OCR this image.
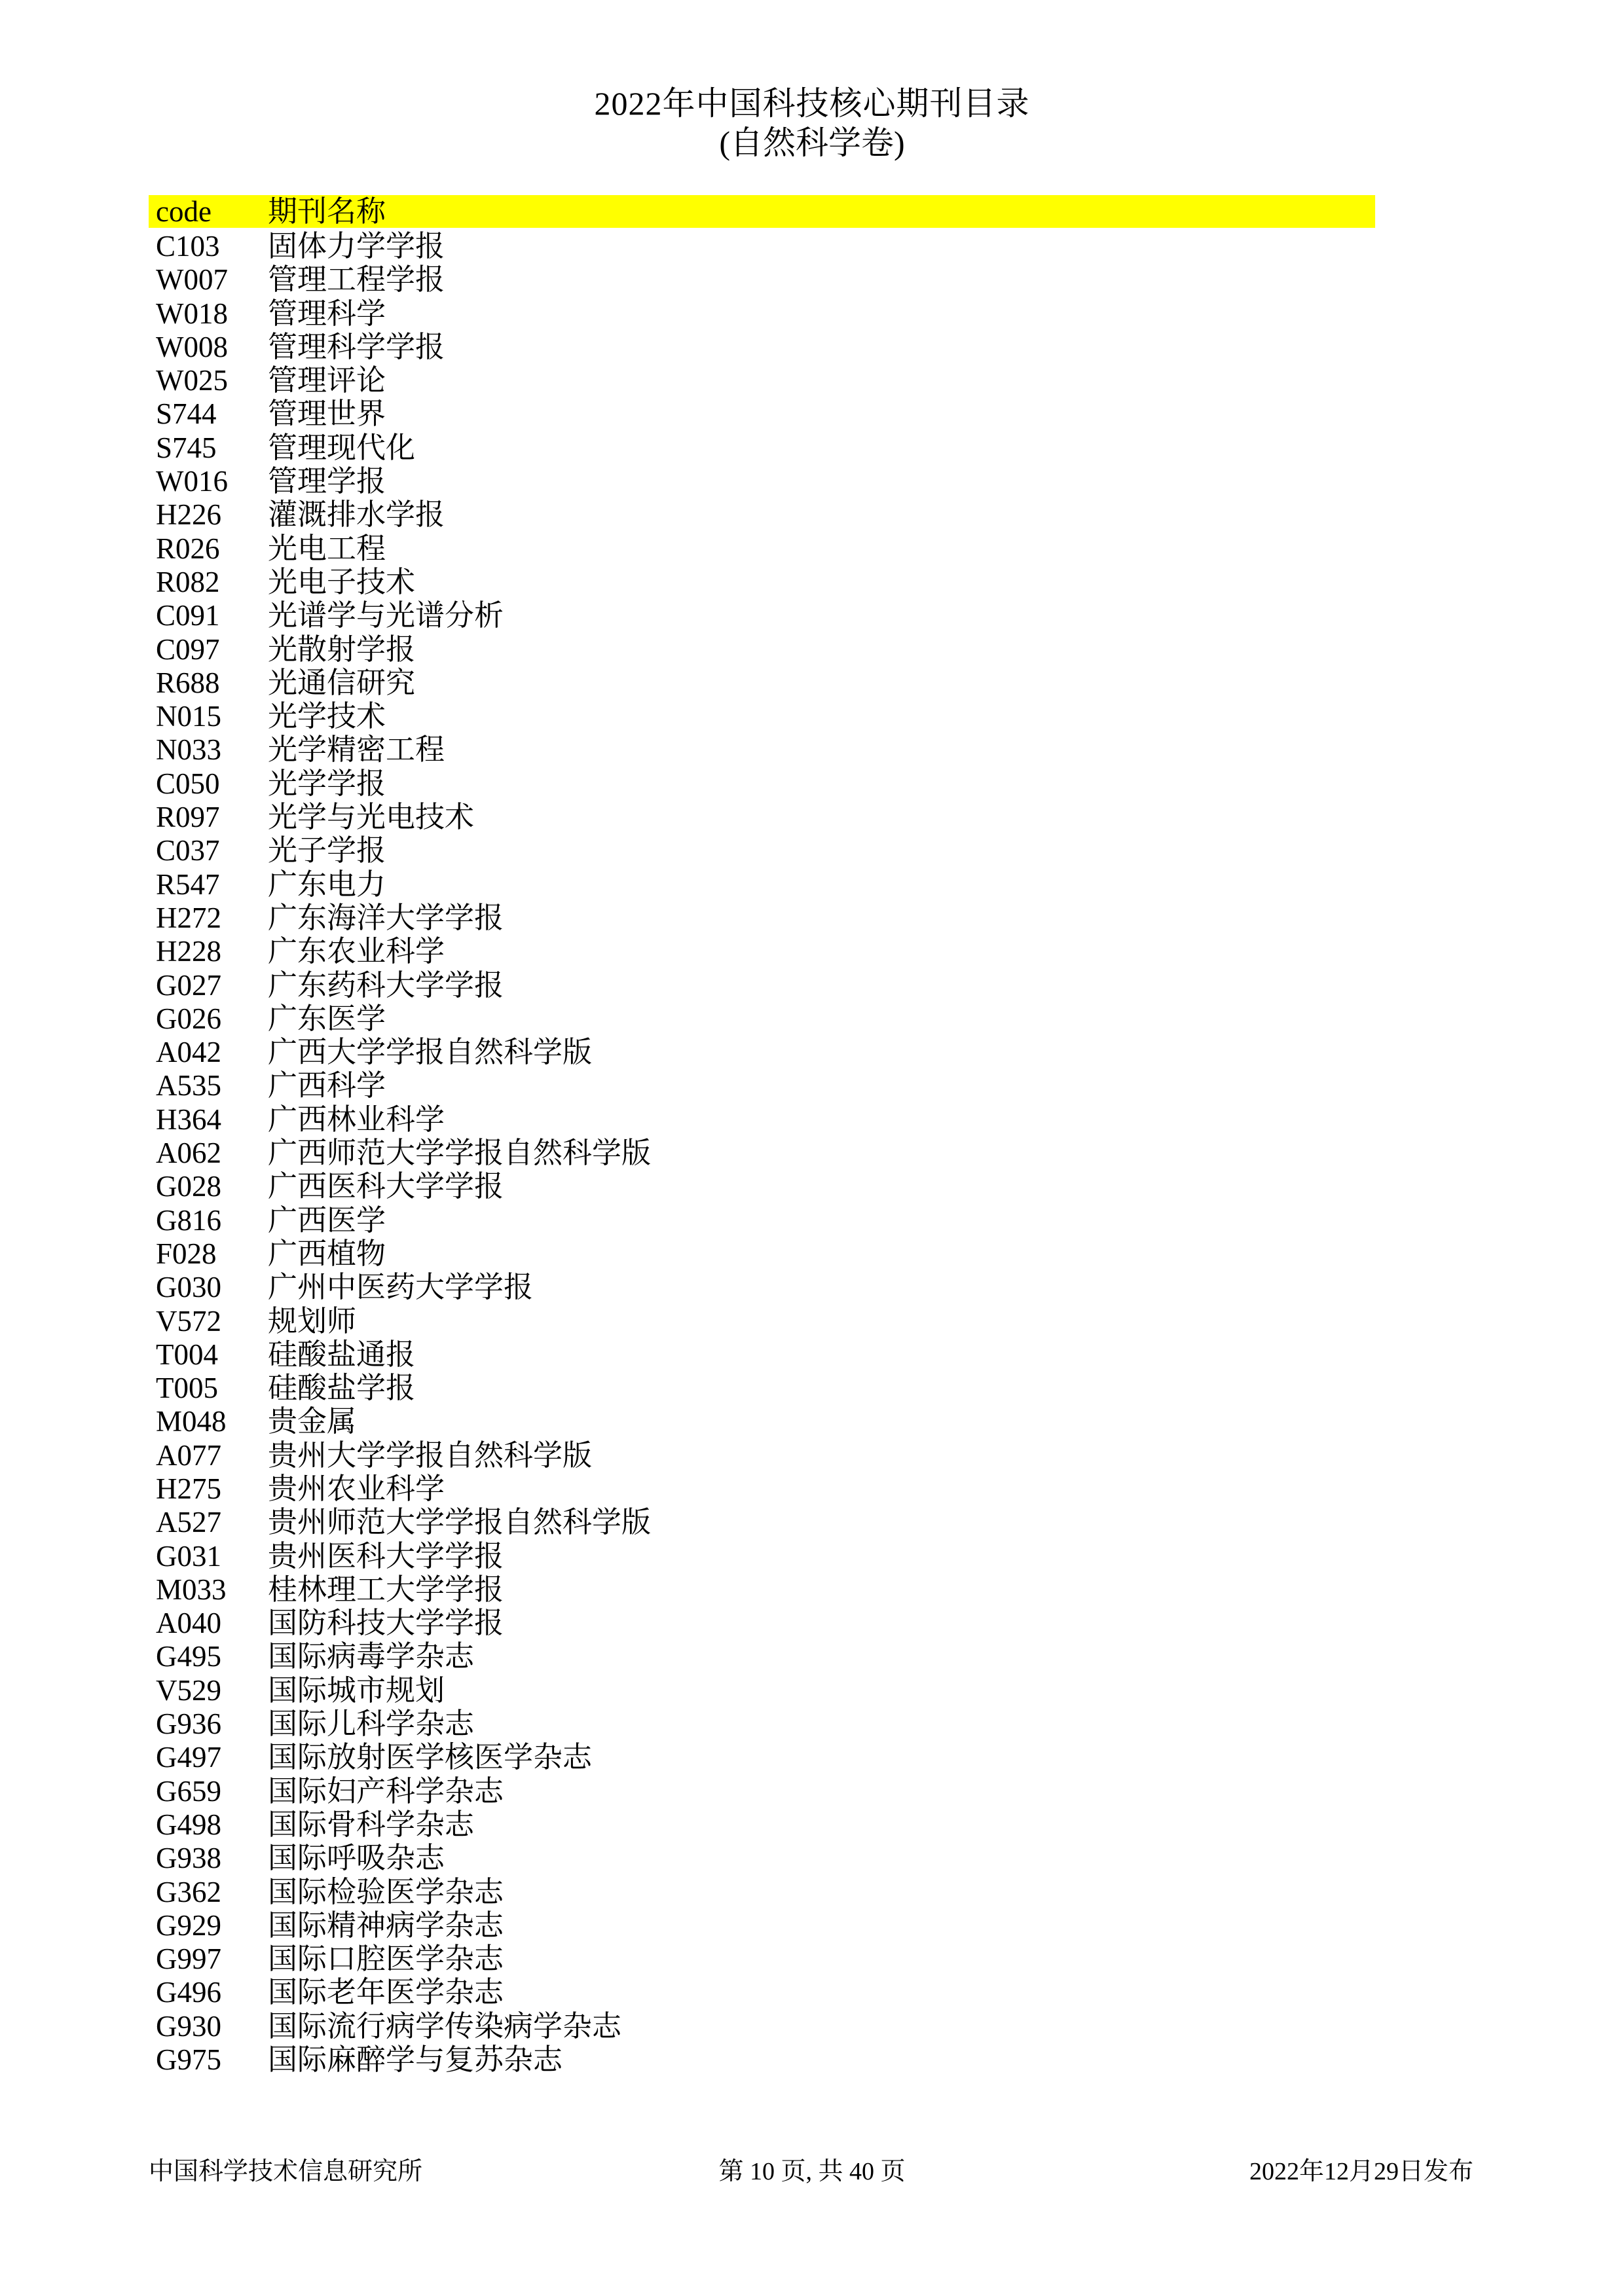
2022年中国科技核心期刊目录
(自然科学卷)
code	期刊名称
C103	固体力学学报
W007	管理工程学报
W018	管理科学
W008	管理科学学报
W025	管理评论
S744	管理世界
S745	管理现代化
W016	管理学报
H226	灌溉排水学报
R026	光电工程
R082	光电子技术
C091	光谱学与光谱分析
C097	光散射学报
R688	光通信研究
N015	光学技术
N033	光学精密工程
C050	光学学报
R097	光学与光电技术
C037	光子学报
R547	广东电力
H272	广东海洋大学学报
H228	广东农业科学
G027	广东药科大学学报
G026	广东医学
A042	广西大学学报自然科学版
A535	广西科学
H364	广西林业科学
A062	广西师范大学学报自然科学版
G028	广西医科大学学报
G816	广西医学
F028	广西植物
G030	广州中医药大学学报
V572	规划师
T004	硅酸盐通报
T005	硅酸盐学报
M048	贵金属
A077	贵州大学学报自然科学版
H275	贵州农业科学
A527	贵州师范大学学报自然科学版
G031	贵州医科大学学报
M033	桂林理工大学学报
A040	国防科技大学学报
G495	国际病毒学杂志
V529	国际城市规划
G936	国际儿科学杂志
G497	国际放射医学核医学杂志
G659	国际妇产科学杂志
G498	国际骨科学杂志
G938	国际呼吸杂志
G362	国际检验医学杂志
G929	国际精神病学杂志
G997	国际口腔医学杂志
G496	国际老年医学杂志
G930	国际流行病学传染病学杂志
G975	国际麻醉学与复苏杂志
第 10 页, 共 40 页
中国科学技术信息研究所	2022年12月29日发布
